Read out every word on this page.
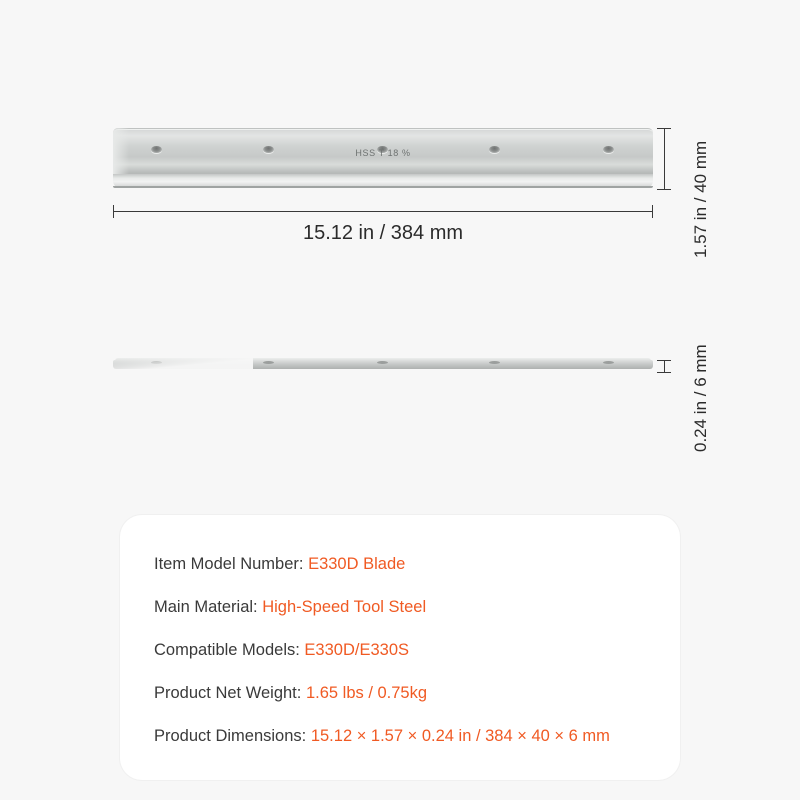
HSS T 18 %
15.12 in / 384 mm	1.57 in / 40 mm
0.24 in / 6 mm
Item Model Number: E330D Blade
Main Material: High-Speed Tool Steel
Compatible Models: E330D/E330S
Product Net Weight: 1.65 lbs / 0.75kg
Product Dimensions: 15.12 × 1.57 × 0.24 in / 384 × 40 × 6 mm
